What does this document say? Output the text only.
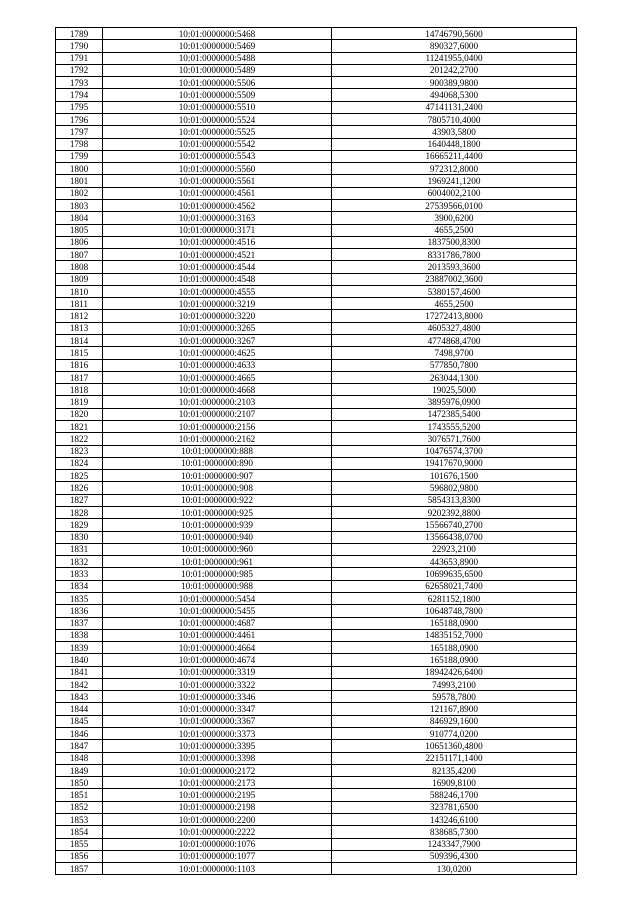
1789	10:01:0000000:5468	14746790,5600
1790	10:01:0000000:5469	890327,6000
1791	10:01:0000000:5488	11241955,0400
1792	10:01:0000000:5489	201242,2700
1793	10:01:0000000:5506	900389,9800
1794	10:01:0000000:5509	494068,5300
1795	10:01:0000000:5510	47141131,2400
1796	10:01:0000000:5524	7805710,4000
1797	10:01:0000000:5525	43903,5800
1798	10:01:0000000:5542	1640448,1800
1799	10:01:0000000:5543	16665211,4400
1800	10:01:0000000:5560	972312,8000
1801	10:01:0000000:5561	1969241,1200
1802	10:01:0000000:4561	6004002,2100
1803	10:01:0000000:4562	27539566,0100
1804	10:01:0000000:3163	3900,6200
1805	10:01:0000000:3171	4655,2500
1806	10:01:0000000:4516	1837500,8300
1807	10:01:0000000:4521	8331786,7800
1808	10:01:0000000:4544	2013593,3600
1809	10:01:0000000:4548	23887002,3600
1810	10:01:0000000:4555	5380157,4600
1811	10:01:0000000:3219	4655,2500
1812	10:01:0000000:3220	17272413,8000
1813	10:01:0000000:3265	4605327,4800
1814	10:01:0000000:3267	4774868,4700
1815	10:01:0000000:4625	7498,9700
1816	10:01:0000000:4633	577850,7800
1817	10:01:0000000:4665	263044,1300
1818	10:01:0000000:4668	19025,5000
1819	10:01:0000000:2103	3895976,0900
1820	10:01:0000000:2107	1472385,5400
1821	10:01:0000000:2156	1743555,5200
1822	10:01:0000000:2162	3076571,7600
1823	10:01:0000000:888	10476574,3700
1824	10:01:0000000:890	19417670,9000
1825	10:01:0000000:907	101676,1500
1826	10:01:0000000:908	596802,9800
1827	10:01:0000000:922	5854313,8300
1828	10:01:0000000:925	9202392,8800
1829	10:01:0000000:939	15566740,2700
1830	10:01:0000000:940	13566438,0700
1831	10:01:0000000:960	22923,2100
1832	10:01:0000000:961	443653,8900
1833	10:01:0000000:985	10699635,6500
1834	10:01:0000000:988	62658021,7400
1835	10:01:0000000:5454	6281152,1800
1836	10:01:0000000:5455	10648748,7800
1837	10:01:0000000:4687	165188,0900
1838	10:01:0000000:4461	14835152,7000
1839	10:01:0000000:4664	165188,0900
1840	10:01:0000000:4674	165188,0900
1841	10:01:0000000:3319	18942426,6400
1842	10:01:0000000:3322	74993,2100
1843	10:01:0000000:3346	59578,7800
1844	10:01:0000000:3347	121167,8900
1845	10:01:0000000:3367	846929,1600
1846	10:01:0000000:3373	910774,0200
1847	10:01:0000000:3395	10651360,4800
1848	10:01:0000000:3398	22151171,1400
1849	10:01:0000000:2172	82135,4200
1850	10:01:0000000:2173	16909,8100
1851	10:01:0000000:2195	588246,1700
1852	10:01:0000000:2198	323781,6500
1853	10:01:0000000:2200	143246,6100
1854	10:01:0000000:2222	838685,7300
1855	10:01:0000000:1076	1243347,7900
1856	10:01:0000000:1077	509396,4300
1857	10:01:0000000:1103	130,0200
